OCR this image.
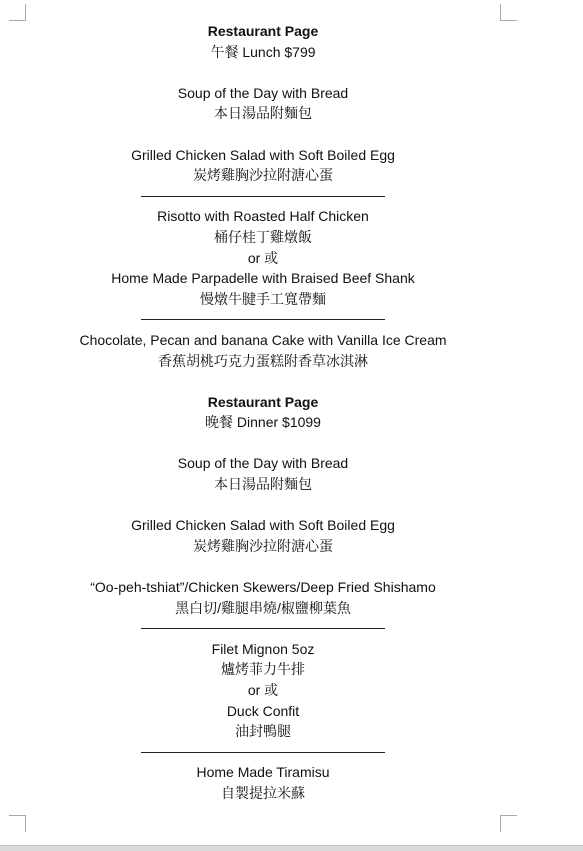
Restaurant Page
午餐 Lunch $799
Soup of the Day with Bread
本日湯品附麵包
Grilled Chicken Salad with Soft Boiled Egg
炭烤雞胸沙拉附溏心蛋
Risotto with Roasted Half Chicken
桶仔桂丁雞燉飯
or 或
Home Made Parpadelle with Braised Beef Shank
慢燉牛腱手工寬帶麵
Chocolate, Pecan and banana Cake with Vanilla Ice Cream
香蕉胡桃巧克力蛋糕附香草冰淇淋
Restaurant Page
晚餐 Dinner $1099
Soup of the Day with Bread
本日湯品附麵包
Grilled Chicken Salad with Soft Boiled Egg
炭烤雞胸沙拉附溏心蛋
“Oo-peh-tshiat”/Chicken Skewers/Deep Fried Shishamo
黑白切/雞腿串燒/椒鹽柳葉魚
Filet Mignon 5oz
爐烤菲力牛排
or 或
Duck Confit
油封鴨腿
Home Made Tiramisu
自製提拉米蘇
